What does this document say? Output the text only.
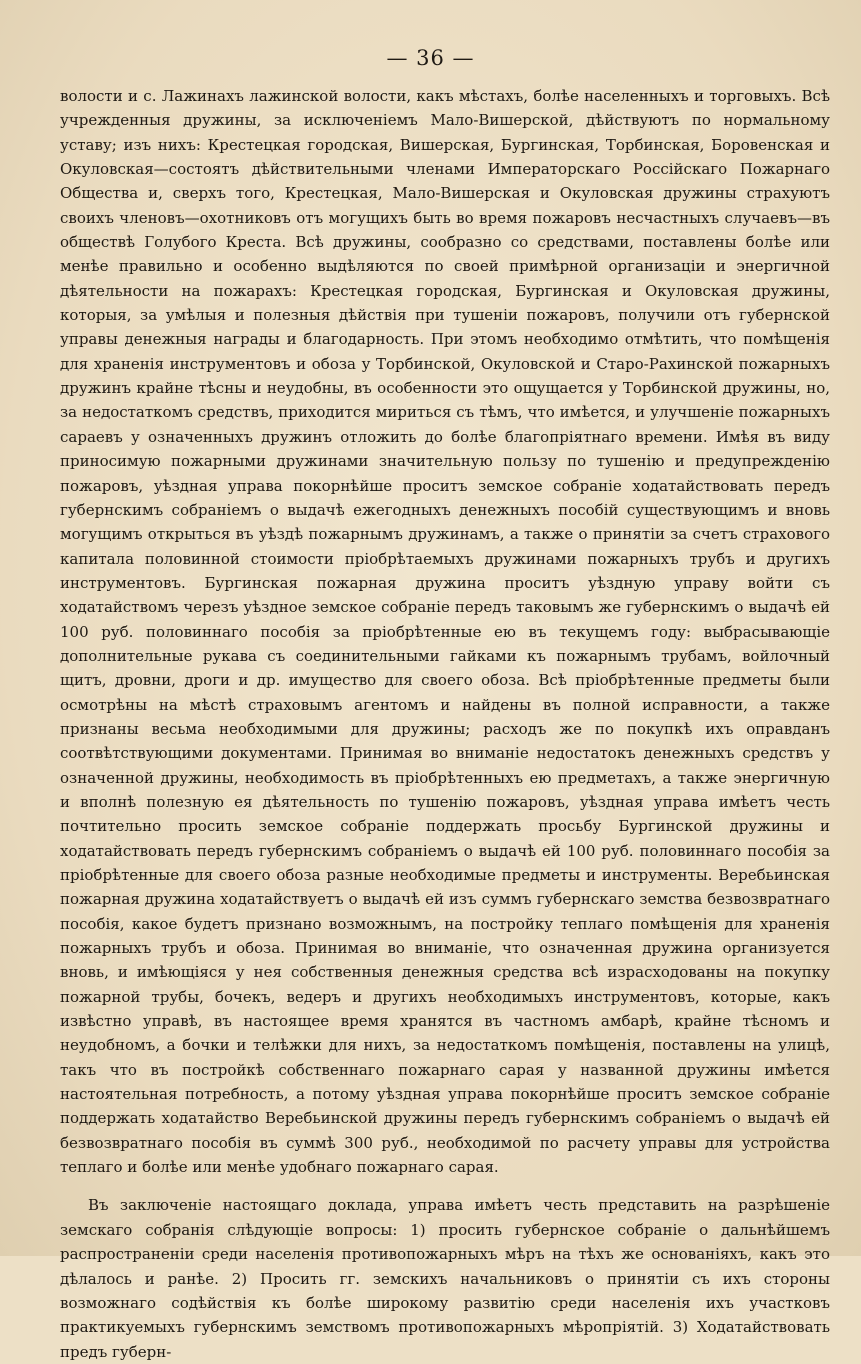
— 36 —

волости и с. Лажинахъ лажинской волости, какъ мѣстахъ, болѣе населенныхъ и торговыхъ. Всѣ учрежденныя дружины, за исключеніемъ Мало-Вишерской, дѣйствуютъ по нормальному уставу; изъ нихъ: Крестецкая городская, Вишерская, Бургинская, Торбинская, Боровенская и Окуловская—состоятъ дѣйствительными членами Императорскаго Россійскаго Пожарнаго Общества и, сверхъ того, Крестецкая, Мало-Вишерская и Окуловская дружины страхуютъ своихъ членовъ—охотниковъ отъ могущихъ быть во время пожаровъ несчастныхъ случаевъ—въ обществѣ Голубого Креста. Всѣ дружины, сообразно со средствами, поставлены болѣе или менѣе правильно и особенно выдѣляются по своей примѣрной организаціи и энергичной дѣятельности на пожарахъ: Крестецкая городская, Бургинская и Окуловская дружины, которыя, за умѣлыя и полезныя дѣйствія при тушеніи пожаровъ, получили отъ губернской управы денежныя награды и благодарность. При этомъ необходимо отмѣтить, что помѣщенія для храненія инструментовъ и обоза у Торбинской, Окуловской и Старо-Рахинской пожарныхъ дружинъ крайне тѣсны и неудобны, въ особенности это ощущается у Торбинской дружины, но, за недостаткомъ средствъ, приходится мириться съ тѣмъ, что имѣется, и улучшеніе пожарныхъ сараевъ у означенныхъ дружинъ отложить до болѣе благопріятнаго времени. Имѣя въ виду приносимую пожарными дружинами значительную пользу по тушенію и предупрежденію пожаровъ, уѣздная управа покорнѣйше проситъ земское собраніе ходатайствовать передъ губернскимъ собраніемъ о выдачѣ ежегодныхъ денежныхъ пособій существующимъ и вновь могущимъ открыться въ уѣздѣ пожарнымъ дружинамъ, а также о принятіи за счетъ страхового капитала половинной стоимости пріобрѣтаемыхъ дружинами пожарныхъ трубъ и другихъ инструментовъ. Бургинская пожарная дружина проситъ уѣздную управу войти съ ходатайствомъ черезъ уѣздное земское собраніе передъ таковымъ же губернскимъ о выдачѣ ей 100 руб. половиннаго пособія за пріобрѣтенные ею въ текущемъ году: выбрасывающіе дополнительные рукава съ соединительными гайками къ пожарнымъ трубамъ, войлочный щитъ, дровни, дроги и др. имущество для своего обоза. Всѣ пріобрѣтенные предметы были осмотрѣны на мѣстѣ страховымъ агентомъ и найдены въ полной исправности, а также признаны весьма необходимыми для дружины; расходъ же по покупкѣ ихъ оправданъ соотвѣтствующими документами. Принимая во вниманіе недостатокъ денежныхъ средствъ у означенной дружины, необходимость въ пріобрѣтенныхъ ею предметахъ, а также энергичную и вполнѣ полезную ея дѣятельность по тушенію пожаровъ, уѣздная управа имѣетъ честь почтительно просить земское собраніе поддержать просьбу Бургинской дружины и ходатайствовать передъ губернскимъ собраніемъ о выдачѣ ей 100 руб. половиннаго пособія за пріобрѣтенные для своего обоза разные необходимые предметы и инструменты. Веребьинская пожарная дружина ходатайствуетъ о выдачѣ ей изъ суммъ губернскаго земства безвозвратнаго пособія, какое будетъ признано возможнымъ, на постройку теплаго помѣщенія для храненія пожарныхъ трубъ и обоза. Принимая во вниманіе, что означенная дружина организуется вновь, и имѣющіяся у нея собственныя денежныя средства всѣ израсходованы на покупку пожарной трубы, бочекъ, ведеръ и другихъ необходимыхъ инструментовъ, которые, какъ извѣстно управѣ, въ настоящее время хранятся въ частномъ амбарѣ, крайне тѣсномъ и неудобномъ, а бочки и телѣжки для нихъ, за недостаткомъ помѣщенія, поставлены на улицѣ, такъ что въ постройкѣ собственнаго пожарнаго сарая у названной дружины имѣется настоятельная потребность, а потому уѣздная управа покорнѣйше проситъ земское собраніе поддержать ходатайство Веребьинской дружины передъ губернскимъ собраніемъ о выдачѣ ей безвозвратнаго пособія въ суммѣ 300 руб., необходимой по расчету управы для устройства теплаго и болѣе или менѣе удобнаго пожарнаго сарая.

Въ заключеніе настоящаго доклада, управа имѣетъ честь представить на разрѣшеніе земскаго собранія слѣдующіе вопросы: 1) просить губернское собраніе о дальнѣйшемъ распространеніи среди населенія противопожарныхъ мѣръ на тѣхъ же основаніяхъ, какъ это дѣлалось и ранѣе. 2) Просить гг. земскихъ начальниковъ о принятіи съ ихъ стороны возможнаго содѣйствія къ болѣе широкому развитію среди населенія ихъ участковъ практикуемыхъ губернскимъ земствомъ противопожарныхъ мѣропріятій. 3) Ходатайствовать предъ губерн-
